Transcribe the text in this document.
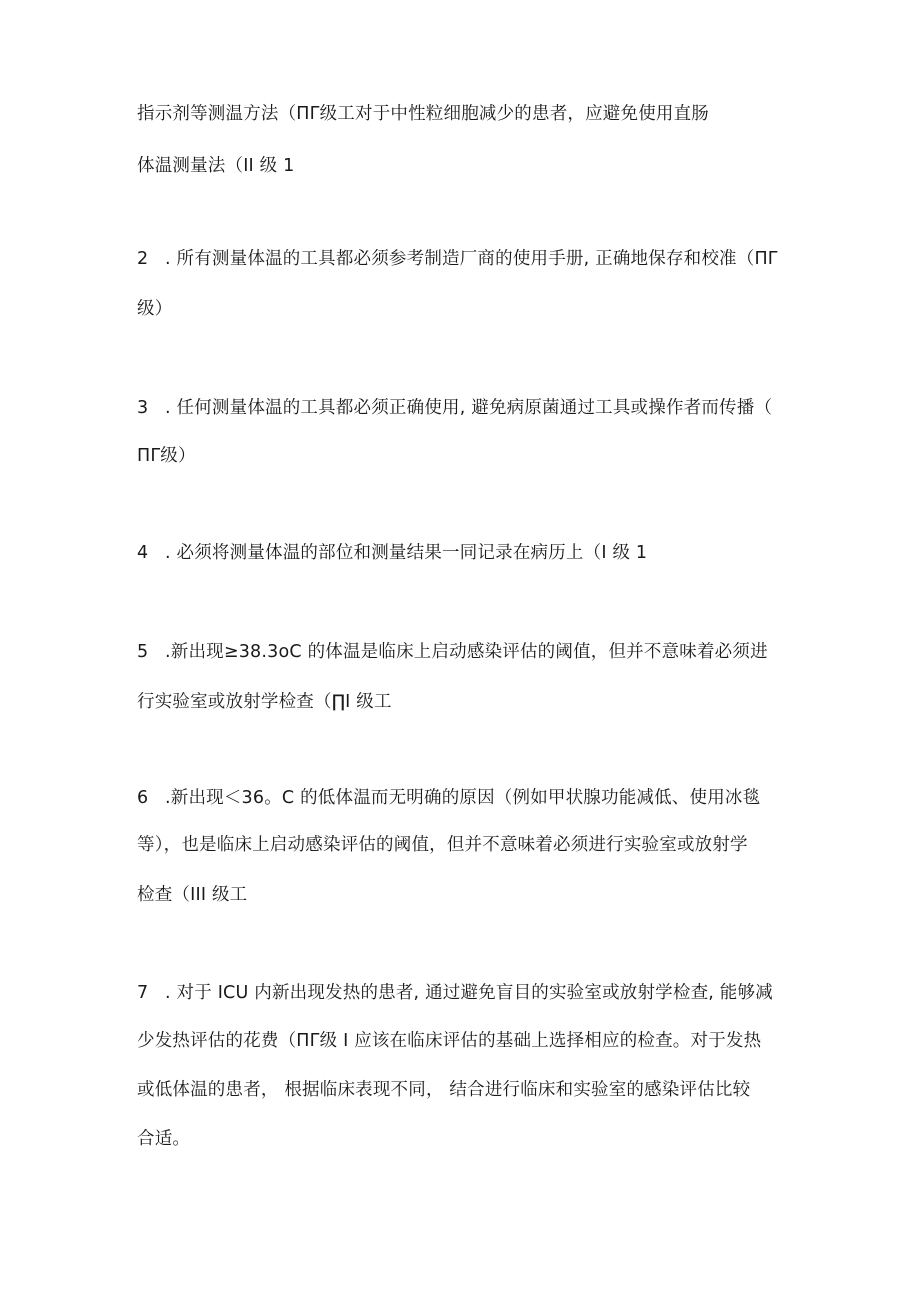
指示剂等测温方法（ΠΓ级工对于中性粒细胞减少的患者，应避免使用直肠
体温测量法（II 级 1
2 . 所有测量体温的工具都必须参考制造厂商的使用手册, 正确地保存和校准（ΠΓ
级）
3 . 任何测量体温的工具都必须正确使用, 避免病原菌通过工具或操作者而传播（
ΠΓ级）
4 . 必须将测量体温的部位和测量结果一同记录在病历上（I 级 1
5 .新出现≥38.3oC 的体温是临床上启动感染评估的阈值，但并不意味着必须进
行实验室或放射学检查（∏I 级工
6 .新出现＜36。C 的低体温而无明确的原因（例如甲状腺功能减低、使用冰毯
等），也是临床上启动感染评估的阈值，但并不意味着必须进行实验室或放射学
检查（III 级工
7 . 对于 ICU 内新出现发热的患者, 通过避免盲目的实验室或放射学检查, 能够减
少发热评估的花费（ΠΓ级 I 应该在临床评估的基础上选择相应的检查。对于发热
或低体温的患者， 根据临床表现不同， 结合进行临床和实验室的感染评估比较
合适。
